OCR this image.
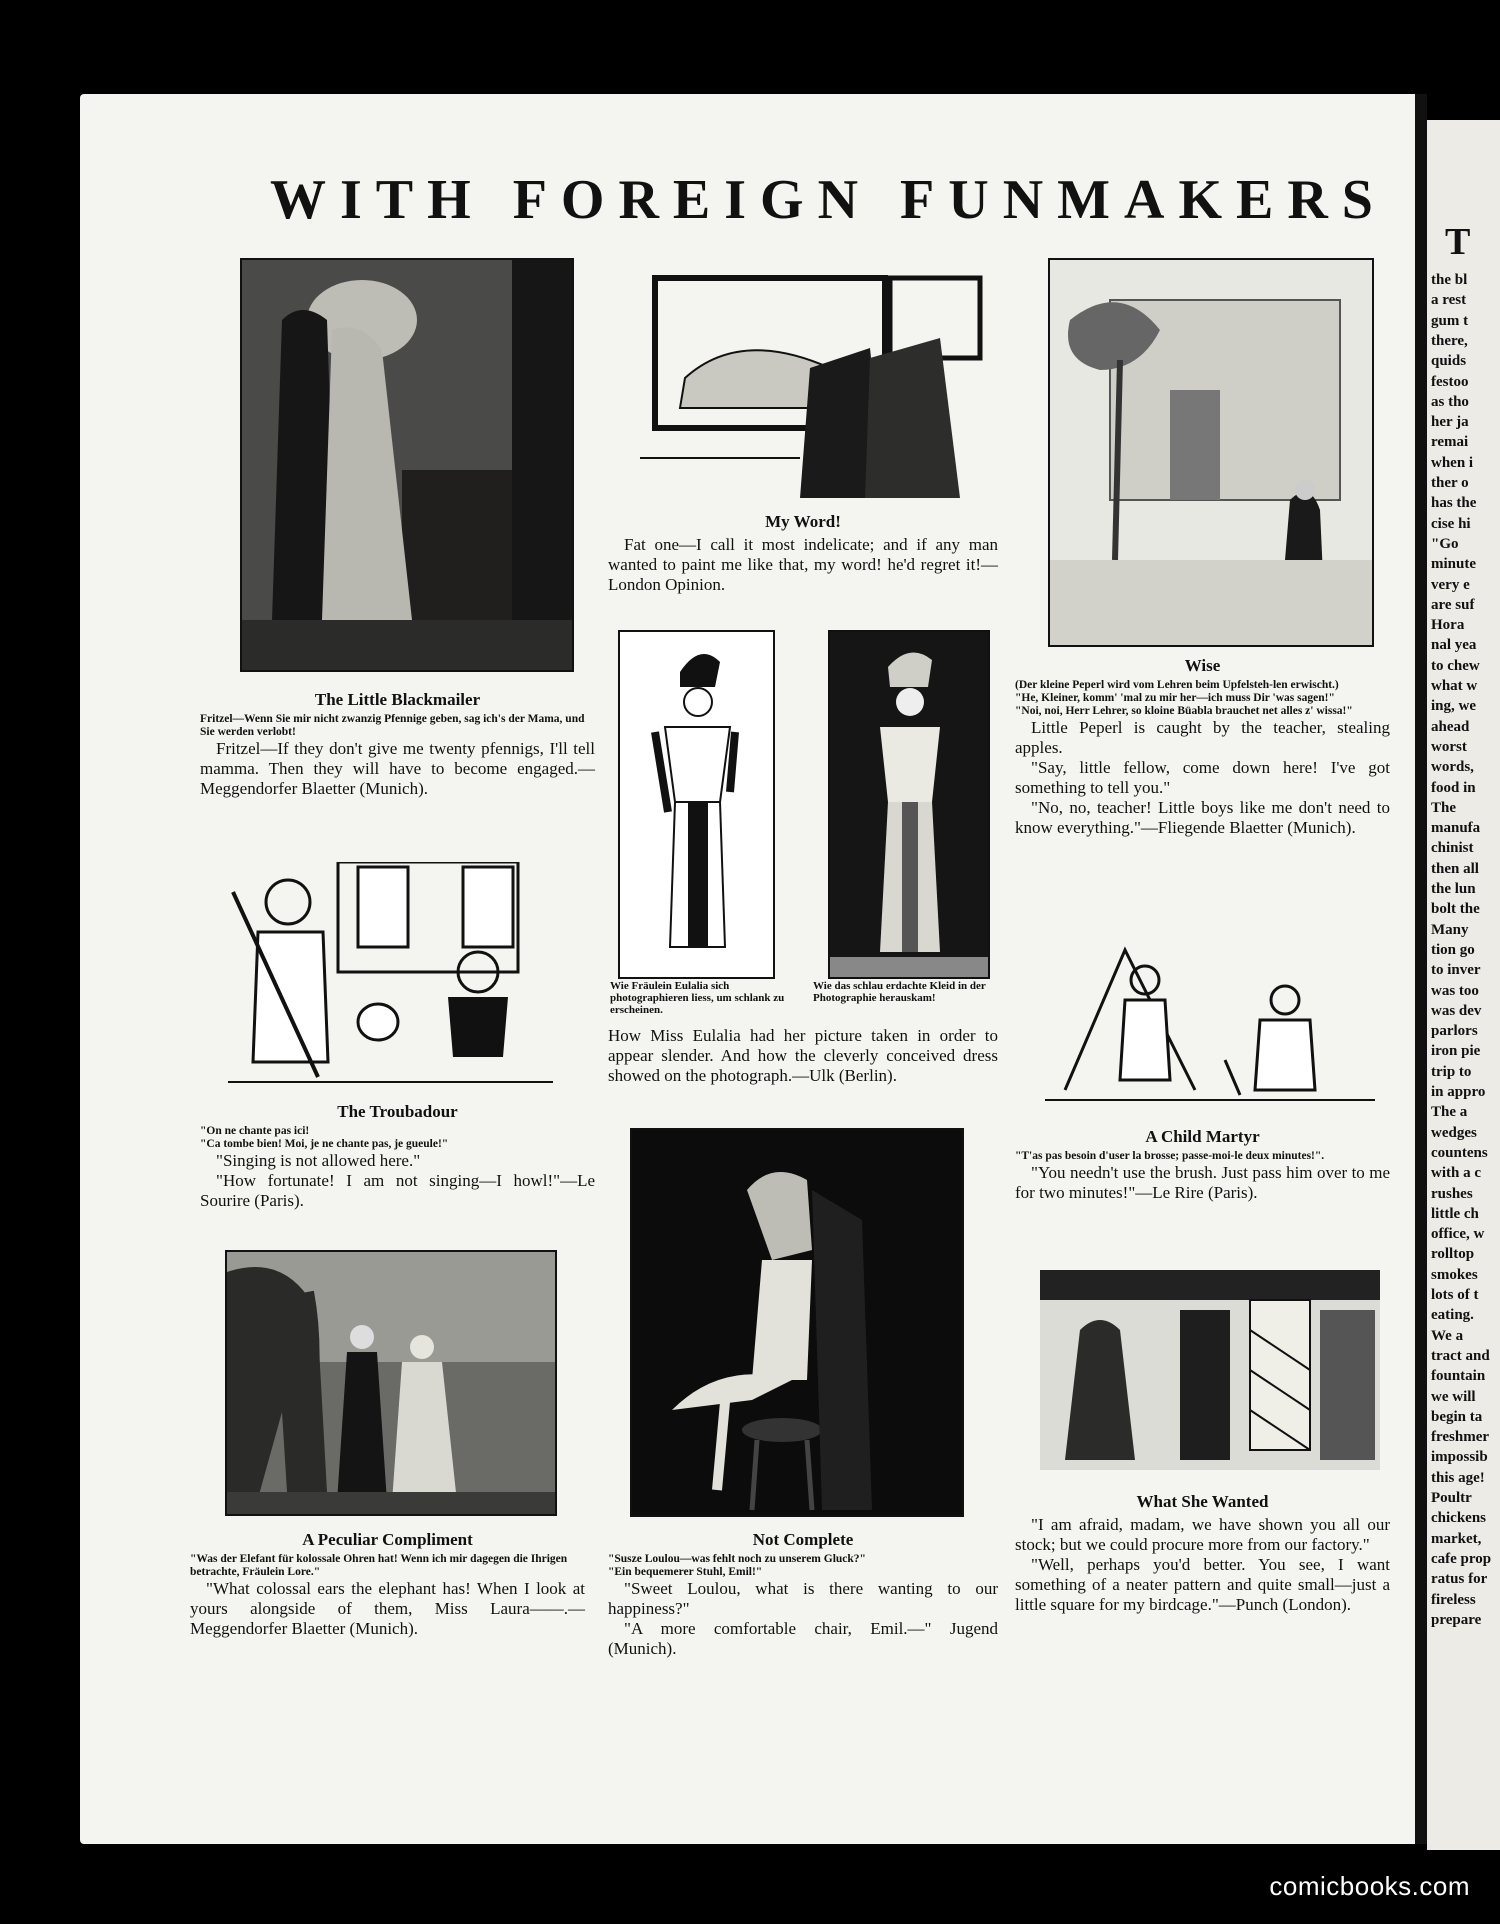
T
the bl
a rest
gum t
there,
quids
festoo
as tho
her ja
remai
when i
ther o
has the
cise hi
"Go
minute
very e
are suf
Hora
nal yea
to chew
what w
ing, we
ahead
worst
words,
food in
The
manufa
chinist
then all
the lun
bolt the
Many
tion go
to inver
was too
was dev
parlors
iron pie
trip to
in appro
The a
wedges
countens
with a c
rushes
little ch
office, w
rolltop
smokes
lots of t
eating.
We a
tract and
fountain
we will
begin ta
freshmer
impossib
this age!
Poultr
chickens
market,
cafe prop
ratus for
fireless
prepare
WITH FOREIGN FUNMAKERS
The Little Blackmailer
Fritzel—Wenn Sie mir nicht zwanzig Pfennige geben, sag ich's der Mama, und Sie werden verlobt!

Fritzel—If they don't give me twenty pfennigs, I'll tell mamma. Then they will have to become engaged.—Meggendorfer Blaetter (Munich).

The Troubadour
"On ne chante pas ici!
"Ca tombe bien! Moi, je ne chante pas, je gueule!"

"Singing is not allowed here."

"How fortunate! I am not singing—I howl!"—Le Sourire (Paris).

A Peculiar Compliment
"Was der Elefant für kolossale Ohren hat! Wenn ich mir dagegen die Ihrigen betrachte, Fräulein Lore."

"What colossal ears the elephant has! When I look at yours alongside of them, Miss Laura——.—Meggendorfer Blaetter (Munich).

My Word!

Fat one—I call it most indelicate; and if any man wanted to paint me like that, my word! he'd regret it!—London Opinion.

Wie Fräulein Eulalia sich photographieren liess, um schlank zu erscheinen.
Wie das schlau erdachte Kleid in der Photographie herauskam!
How Miss Eulalia had her picture taken in order to appear slender. And how the cleverly conceived dress showed on the photograph.—Ulk (Berlin).
Not Complete
"Susze Loulou—was fehlt noch zu unserem Gluck?"
"Ein bequemerer Stuhl, Emil!"

"Sweet Loulou, what is there wanting to our happiness?"

"A more comfortable chair, Emil.—" Jugend (Munich).

Wise
(Der kleine Peperl wird vom Lehren beim Upfelsteh-len erwischt.)
"He, Kleiner, komm' 'mal zu mir her—ich muss Dir 'was sagen!"
"Noi, noi, Herr Lehrer, so kloine Büabla brauchet net alles z' wissa!"

Little Peperl is caught by the teacher, stealing apples.

"Say, little fellow, come down here! I've got something to tell you."

"No, no, teacher! Little boys like me don't need to know everything."—Fliegende Blaetter (Munich).

A Child Martyr
"T'as pas besoin d'user la brosse; passe-moi-le deux minutes!".

"You needn't use the brush. Just pass him over to me for two minutes!"—Le Rire (Paris).

What She Wanted

"I am afraid, madam, we have shown you all our stock; but we could procure more from our factory."

"Well, perhaps you'd better. You see, I want something of a neater pattern and quite small—just a little square for my birdcage."—Punch (London).

comicbooks.com
